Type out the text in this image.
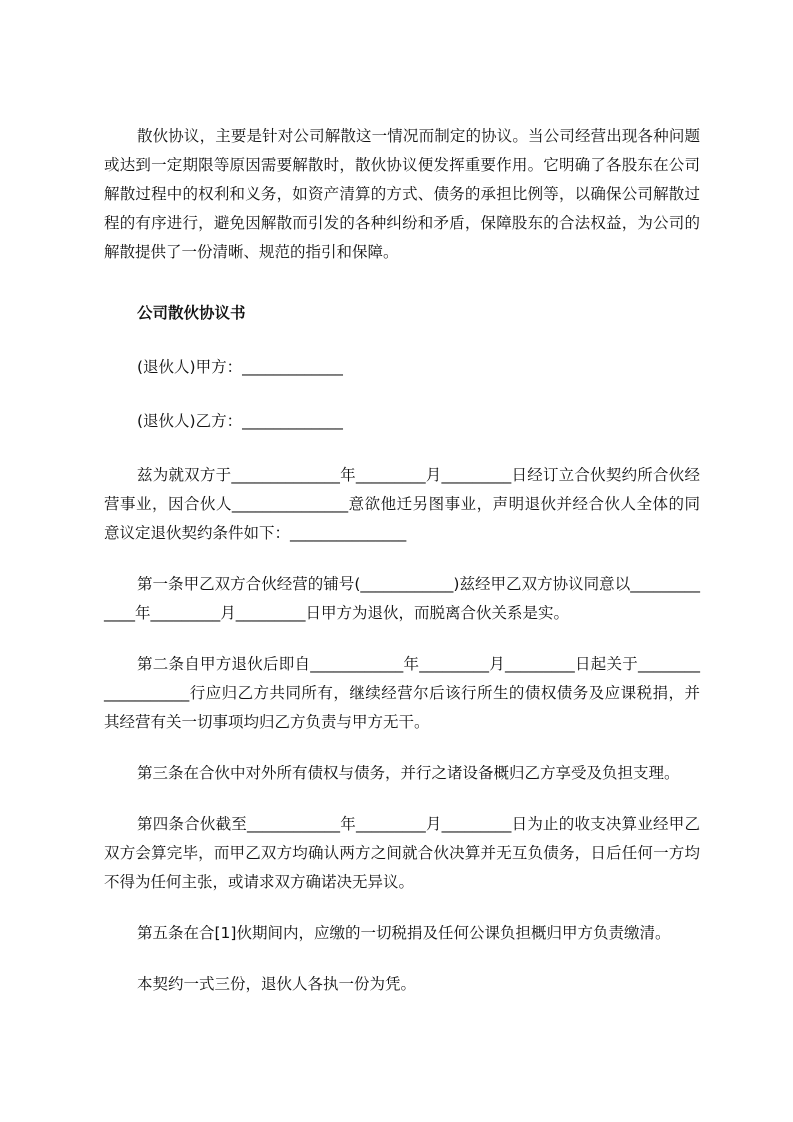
散伙协议，主要是针对公司解散这一情况而制定的协议。当公司经营出现各种问题或达到一定期限等原因需要解散时，散伙协议便发挥重要作用。它明确了各股东在公司解散过程中的权利和义务，如资产清算的方式、债务的承担比例等，以确保公司解散过程的有序进行，避免因解散而引发的各种纠纷和矛盾，保障股东的合法权益，为公司的解散提供了一份清晰、规范的指引和保障。

公司散伙协议书

(退伙人)甲方：_____________

(退伙人)乙方：_____________

兹为就双方于______________年_________月_________日经订立合伙契约所合伙经营事业，因合伙人_______________意欲他迁另图事业，声明退伙并经合伙人全体的同意议定退伙契约条件如下：_______________

第一条甲乙双方合伙经营的铺号(____________)兹经甲乙双方协议同意以_____________年_________月_________日甲方为退伙，而脱离合伙关系是实。

第二条自甲方退伙后即自____________年_________月_________日起关于___________________行应归乙方共同所有，继续经营尔后该行所生的债权债务及应课税捐，并其经营有关一切事项均归乙方负责与甲方无干。

第三条在合伙中对外所有债权与债务，并行之诸设备概归乙方享受及负担支理。

第四条合伙截至____________年_________月_________日为止的收支决算业经甲乙双方会算完毕，而甲乙双方均确认两方之间就合伙决算并无互负债务，日后任何一方均不得为任何主张，或请求双方确诺决无异议。

第五条在合[1]伙期间内，应缴的一切税捐及任何公课负担概归甲方负责缴清。

本契约一式三份，退伙人各执一份为凭。
